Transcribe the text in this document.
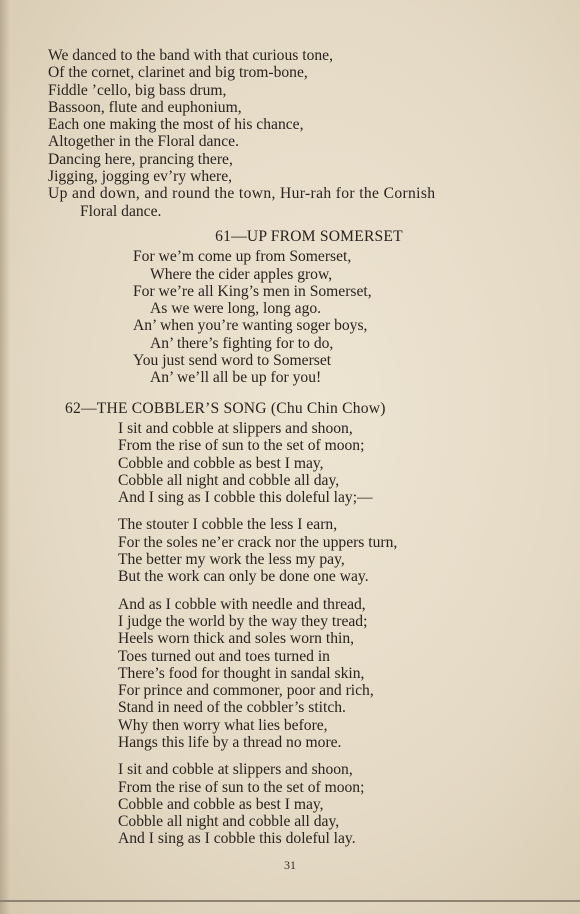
We danced to the band with that curious tone,
Of the cornet, clarinet and big trom-bone,
Fiddle ’cello, big bass drum,
Bassoon, flute and euphonium,
Each one making the most of his chance,
Altogether in the Floral dance.
Dancing here, prancing there,
Jigging, jogging ev’ry where,
Up and down, and round the town, Hur-rah for the Cornish
Floral dance.
61—UP FROM SOMERSET
For we’m come up from Somerset,
Where the cider apples grow,
For we’re all King’s men in Somerset,
As we were long, long ago.
An’ when you’re wanting soger boys,
An’ there’s fighting for to do,
You just send word to Somerset
An’ we’ll all be up for you!
62—THE COBBLER’S SONG (Chu Chin Chow)
I sit and cobble at slippers and shoon,
From the rise of sun to the set of moon;
Cobble and cobble as best I may,
Cobble all night and cobble all day,
And I sing as I cobble this doleful lay;—
The stouter I cobble the less I earn,
For the soles ne’er crack nor the uppers turn,
The better my work the less my pay,
But the work can only be done one way.
And as I cobble with needle and thread,
I judge the world by the way they tread;
Heels worn thick and soles worn thin,
Toes turned out and toes turned in
There’s food for thought in sandal skin,
For prince and commoner, poor and rich,
Stand in need of the cobbler’s stitch.
Why then worry what lies before,
Hangs this life by a thread no more.
I sit and cobble at slippers and shoon,
From the rise of sun to the set of moon;
Cobble and cobble as best I may,
Cobble all night and cobble all day,
And I sing as I cobble this doleful lay.
31
